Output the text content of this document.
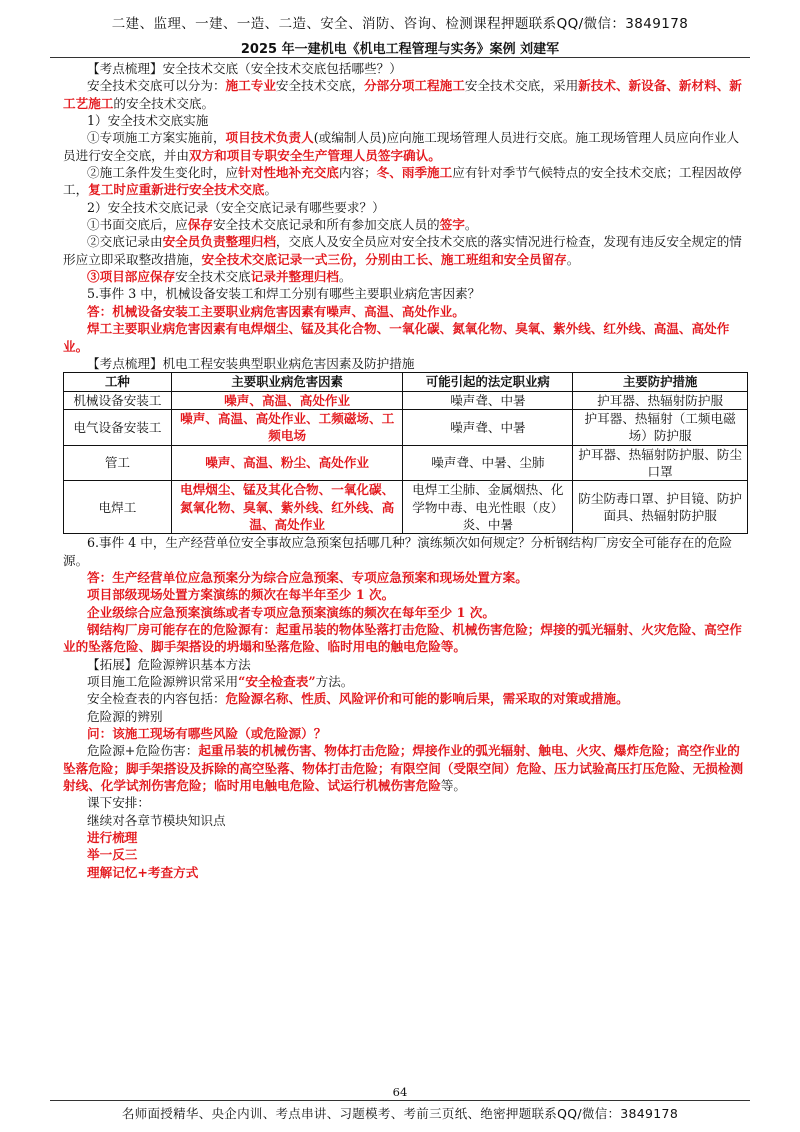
二建、监理、一建、一造、二造、安全、消防、咨询、检测课程押题联系QQ/微信：3849178
2025 年一建机电《机电工程管理与实务》案例 刘建军

【考点梳理】安全技术交底（安全技术交底包括哪些？）

安全技术交底可以分为：施工专业安全技术交底，分部分项工程施工安全技术交底，采用新技术、新设备、新材料、新工艺施工的安全技术交底。

1）安全技术交底实施

①专项施工方案实施前，项目技术负责人(或编制人员)应向施工现场管理人员进行交底。施工现场管理人员应向作业人员进行安全交底，并由双方和项目专职安全生产管理人员签字确认。

②施工条件发生变化时，应针对性地补充交底内容；冬、雨季施工应有针对季节气候特点的安全技术交底；工程因故停工，复工时应重新进行安全技术交底。

2）安全技术交底记录（安全交底记录有哪些要求？）

①书面交底后，应保存安全技术交底记录和所有参加交底人员的签字。

②交底记录由安全员负责整理归档，交底人及安全员应对安全技术交底的落实情况进行检查，发现有违反安全规定的情形应立即采取整改措施，安全技术交底记录一式三份，分别由工长、施工班组和安全员留存。

③项目部应保存安全技术交底记录并整理归档。

5.事件 3 中，机械设备安装工和焊工分别有哪些主要职业病危害因素？

答：机械设备安装工主要职业病危害因素有噪声、高温、高处作业。

焊工主要职业病危害因素有电焊烟尘、锰及其化合物、一氧化碳、氮氧化物、臭氧、紫外线、红外线、高温、高处作业。

【考点梳理】机电工程安装典型职业病危害因素及防护措施

工种	主要职业病危害因素	可能引起的法定职业病	主要防护措施
机械设备安装工	噪声、高温、高处作业	噪声聋、中暑	护耳器、热辐射防护服
电气设备安装工	噪声、高温、高处作业、工频磁场、工频电场	噪声聋、中暑	护耳器、热辐射（工频电磁场）防护服
管工	噪声、高温、粉尘、高处作业	噪声聋、中暑、尘肺	护耳器、热辐射防护服、防尘口罩
电焊工	电焊烟尘、锰及其化合物、一氧化碳、氮氧化物、臭氧、紫外线、红外线、高温、高处作业	电焊工尘肺、金属烟热、化学物中毒、电光性眼（皮）炎、中暑	防尘防毒口罩、护目镜、防护面具、热辐射防护服

6.事件 4 中，生产经营单位安全事故应急预案包括哪几种？演练频次如何规定？分析钢结构厂房安全可能存在的危险源。

答：生产经营单位应急预案分为综合应急预案、专项应急预案和现场处置方案。

项目部级现场处置方案演练的频次在每半年至少 1 次。

企业级综合应急预案演练或者专项应急预案演练的频次在每年至少 1 次。

钢结构厂房可能存在的危险源有：起重吊装的物体坠落打击危险、机械伤害危险；焊接的弧光辐射、火灾危险、高空作业的坠落危险、脚手架搭设的坍塌和坠落危险、临时用电的触电危险等。

【拓展】危险源辨识基本方法

项目施工危险源辨识常采用“安全检查表”方法。

安全检查表的内容包括：危险源名称、性质、风险评价和可能的影响后果，需采取的对策或措施。

危险源的辨别

问：该施工现场有哪些风险（或危险源）？

危险源+危险伤害：起重吊装的机械伤害、物体打击危险；焊接作业的弧光辐射、触电、火灾、爆炸危险；高空作业的坠落危险；脚手架搭设及拆除的高空坠落、物体打击危险；有限空间（受限空间）危险、压力试验高压打压危险、无损检测射线、化学试剂伤害危险；临时用电触电危险、试运行机械伤害危险等。

课下安排：

继续对各章节模块知识点

进行梳理

举一反三

理解记忆+考查方式

64
名师面授精华、央企内训、考点串讲、习题模考、考前三页纸、绝密押题联系QQ/微信：3849178
